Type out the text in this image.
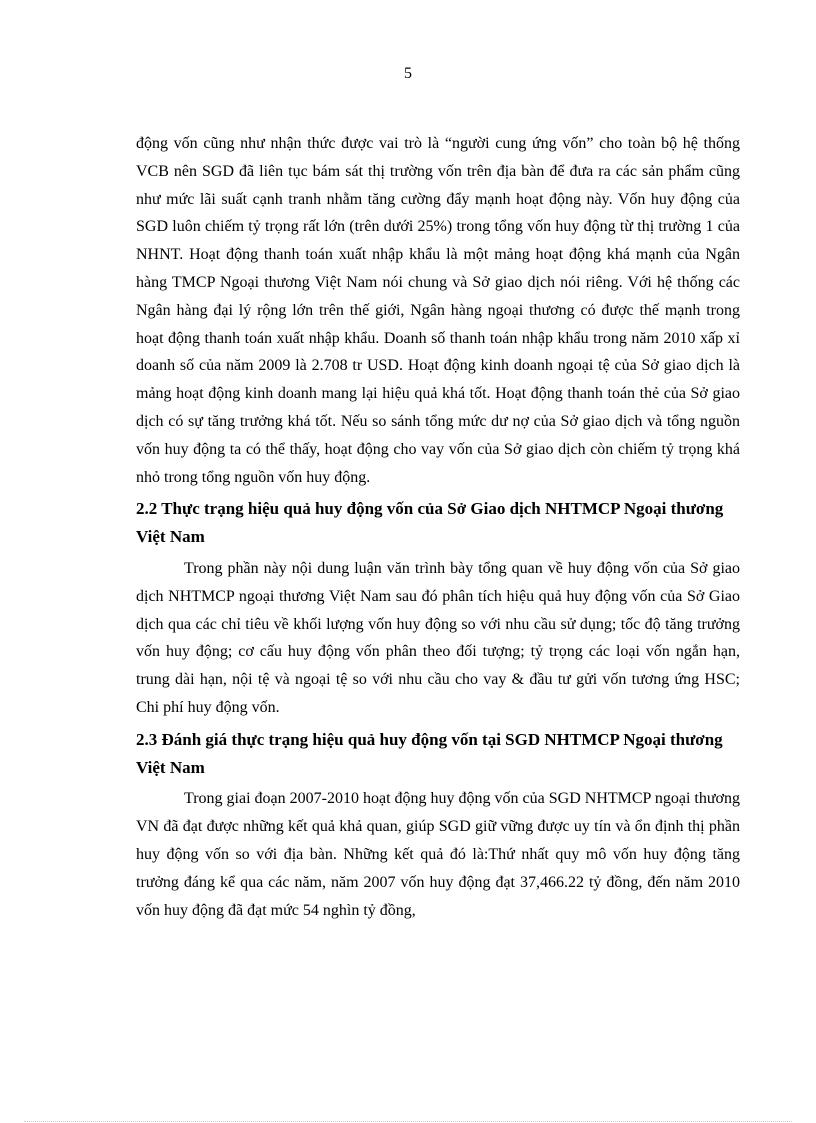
5

động vốn cũng như nhận thức được vai trò là “người cung ứng vốn” cho toàn bộ hệ thống VCB nên SGD đã liên tục bám sát thị trường vốn trên địa bàn để đưa ra các sản phẩm cũng như mức lãi suất cạnh tranh nhằm tăng cường đẩy mạnh hoạt động này. Vốn huy động của SGD luôn chiếm tỷ trọng rất lớn (trên dưới 25%) trong tổng vốn huy động từ thị trường 1 của NHNT. Hoạt động thanh toán xuất nhập khẩu là một mảng hoạt động khá mạnh của Ngân hàng TMCP Ngoại thương Việt Nam nói chung và Sở giao dịch nói riêng. Với hệ thống các Ngân hàng đại lý rộng lớn trên thế giới, Ngân hàng ngoại thương có được thế mạnh trong hoạt động thanh toán xuất nhập khẩu. Doanh số thanh toán nhập khẩu trong năm 2010 xấp xỉ doanh số của năm 2009 là 2.708 tr USD. Hoạt động kinh doanh ngoại tệ của Sở giao dịch là mảng hoạt động kinh doanh mang lại hiệu quả khá tốt. Hoạt động thanh toán thẻ của Sở giao dịch có sự tăng trưởng khá tốt. Nếu so sánh tổng mức dư nợ của Sở giao dịch và tổng nguồn vốn huy động ta có thể thấy, hoạt động cho vay vốn của Sở giao dịch còn chiếm tỷ trọng khá nhỏ trong tổng nguồn vốn huy động.

2.2 Thực trạng hiệu quả huy động vốn của Sở Giao dịch NHTMCP Ngoại thương Việt Nam

Trong phần này nội dung luận văn trình bày tổng quan về huy động vốn của Sở giao dịch NHTMCP ngoại thương Việt Nam sau đó phân tích hiệu quả huy động vốn của Sở Giao dịch qua các chỉ tiêu về khối lượng vốn huy động so với nhu cầu sử dụng; tốc độ tăng trưởng vốn huy động; cơ cấu huy động vốn phân theo đối tượng; tỷ trọng các loại vốn ngắn hạn, trung dài hạn, nội tệ và ngoại tệ so với nhu cầu cho vay & đầu tư gửi vốn tương ứng HSC; Chi phí huy động vốn.

2.3 Đánh giá thực trạng hiệu quả huy động vốn tại SGD NHTMCP Ngoại thương Việt Nam

Trong giai đoạn 2007-2010 hoạt động huy động vốn của SGD NHTMCP ngoại thương VN đã đạt được những kết quả khả quan, giúp SGD giữ vững được uy tín và ổn định thị phần huy động vốn so với địa bàn. Những kết quả đó là:Thứ nhất quy mô vốn huy động tăng trưởng đáng kể qua các năm, năm 2007 vốn huy động đạt 37,466.22 tỷ đồng, đến năm 2010 vốn huy động đã đạt mức 54 nghìn tỷ đồng,
